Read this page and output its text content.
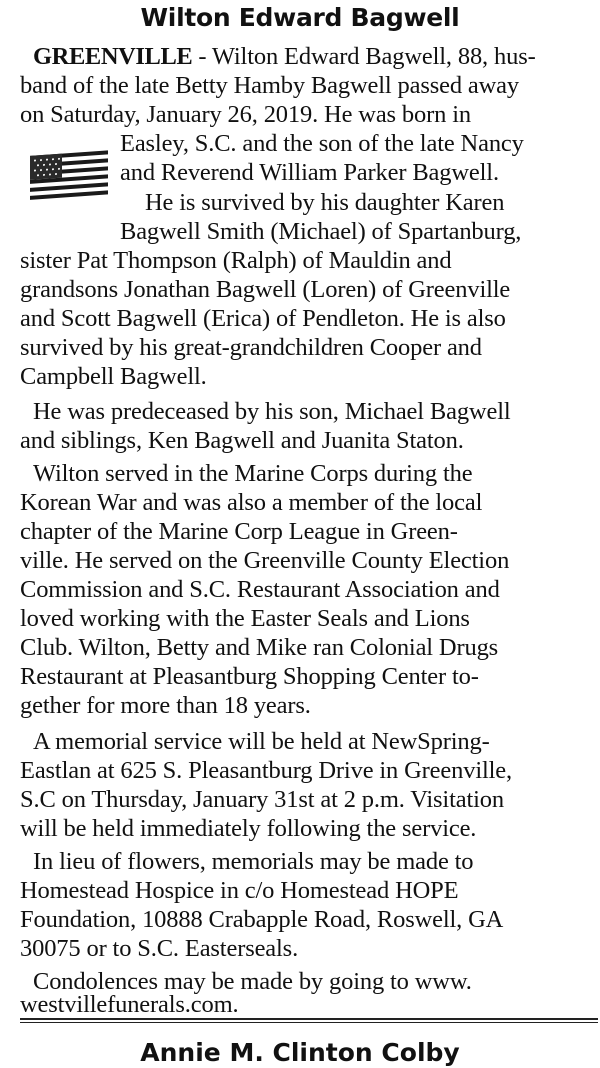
Wilton Edward Bagwell
GREENVILLE - Wilton Edward Bagwell, 88, hus-
band of the late Betty Hamby Bagwell passed away
on Saturday, January 26, 2019. He was born in
Easley, S.C. and the son of the late Nancy
and Reverend William Parker Bagwell.
He is survived by his daughter Karen
Bagwell Smith (Michael) of Spartanburg,
sister Pat Thompson (Ralph) of Mauldin and
grandsons Jonathan Bagwell (Loren) of Greenville
and Scott Bagwell (Erica) of Pendleton. He is also
survived by his great-grandchildren Cooper and
Campbell Bagwell.
He was predeceased by his son, Michael Bagwell
and siblings, Ken Bagwell and Juanita Staton.
Wilton served in the Marine Corps during the
Korean War and was also a member of the local
chapter of the Marine Corp League in Green-
ville. He served on the Greenville County Election
Commission and S.C. Restaurant Association and
loved working with the Easter Seals and Lions
Club. Wilton, Betty and Mike ran Colonial Drugs
Restaurant at Pleasantburg Shopping Center to-
gether for more than 18 years.
A memorial service will be held at NewSpring-
Eastlan at 625 S. Pleasantburg Drive in Greenville,
S.C on Thursday, January 31st at 2 p.m. Visitation
will be held immediately following the service.
In lieu of flowers, memorials may be made to
Homestead Hospice in c/o Homestead HOPE
Foundation, 10888 Crabapple Road, Roswell, GA
30075 or to S.C. Easterseals.
Condolences may be made by going to www.
westvillefunerals.com.
Annie M. Clinton Colby
